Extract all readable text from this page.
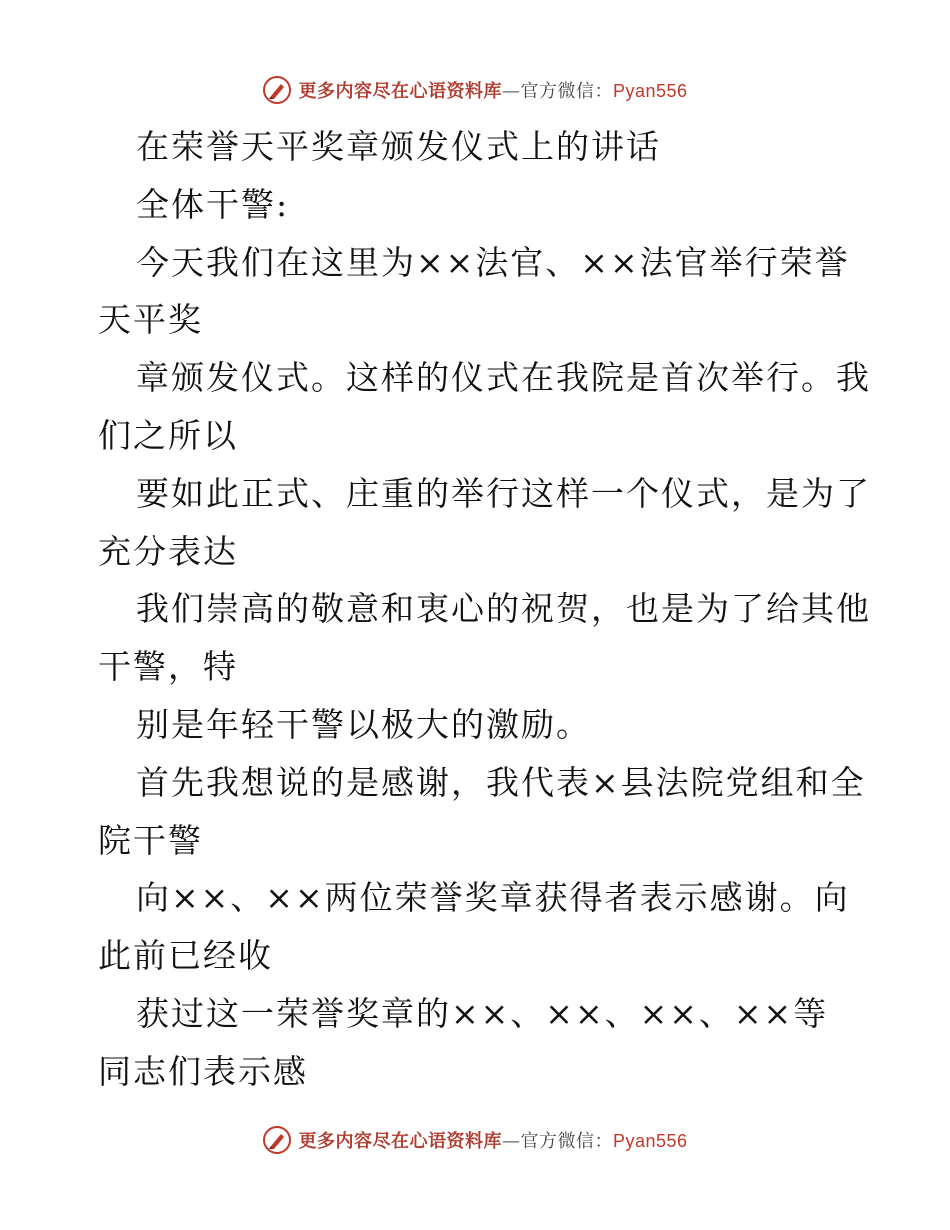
更多内容尽在心语资料库—官方微信：Pyan556
在荣誉天平奖章颁发仪式上的讲话
全体干警:
今天我们在这里为××法官、××法官举行荣誉
天平奖
章颁发仪式。这样的仪式在我院是首次举行。我
们之所以
要如此正式、庄重的举行这样一个仪式，是为了
充分表达
我们崇高的敬意和衷心的祝贺，也是为了给其他
干警，特
别是年轻干警以极大的激励。
首先我想说的是感谢，我代表×县法院党组和全
院干警
向××、××两位荣誉奖章获得者表示感谢。向
此前已经收
获过这一荣誉奖章的××、××、××、××等
同志们表示感
更多内容尽在心语资料库—官方微信：Pyan556
